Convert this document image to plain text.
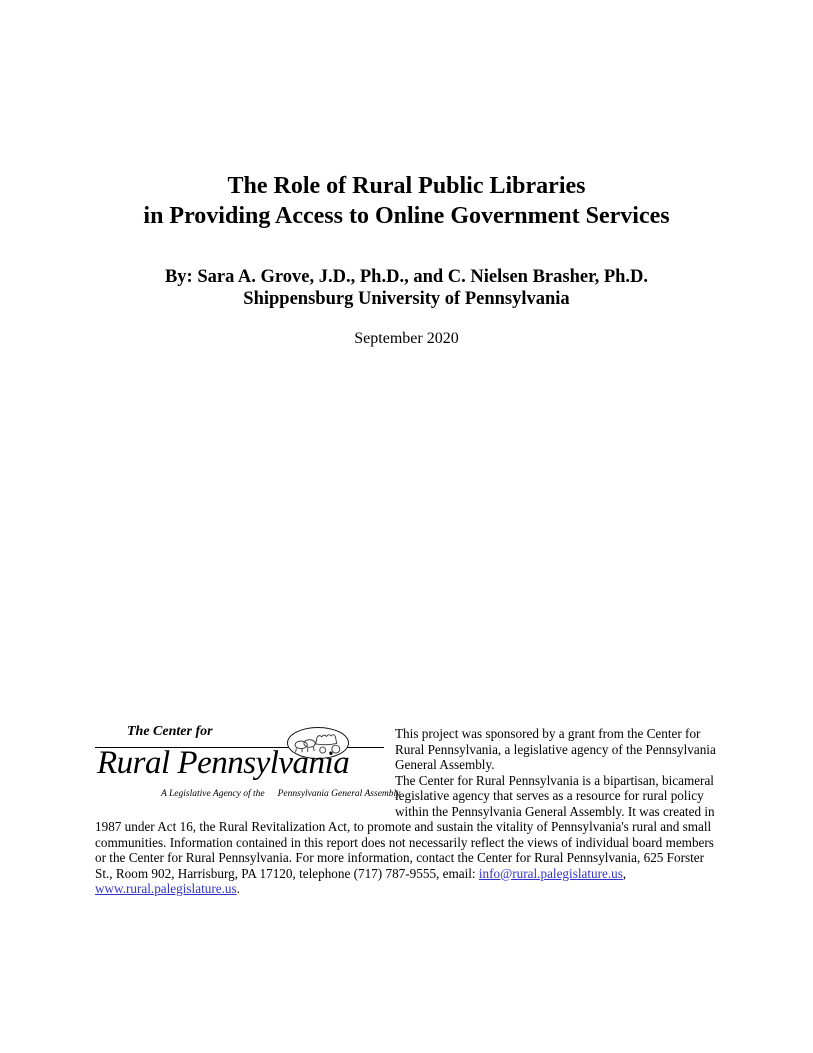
The Role of Rural Public Libraries
in Providing Access to Online Government Services
By: Sara A. Grove, J.D., Ph.D., and C. Nielsen Brasher, Ph.D.
Shippensburg University of Pennsylvania
September 2020
The Center for
Rural Pennsylvania
A Legislative Agency of the Pennsylvania General Assembly

This project was sponsored by a grant from the Center for Rural Pennsylvania, a legislative agency of the Pennsylvania General Assembly.

The Center for Rural Pennsylvania is a bipartisan, bicameral legislative agency that serves as a resource for rural policy within the Pennsylvania General Assembly. It was created in 1987 under Act 16, the Rural Revitalization Act, to promote and sustain the vitality of Pennsylvania's rural and small communities. Information contained in this report does not necessarily reflect the views of individual board members or the Center for Rural Pennsylvania. For more information, contact the Center for Rural Pennsylvania, 625 Forster St., Room 902, Harrisburg, PA 17120, telephone (717) 787-9555, email: info@rural.palegislature.us, www.rural.palegislature.us.
